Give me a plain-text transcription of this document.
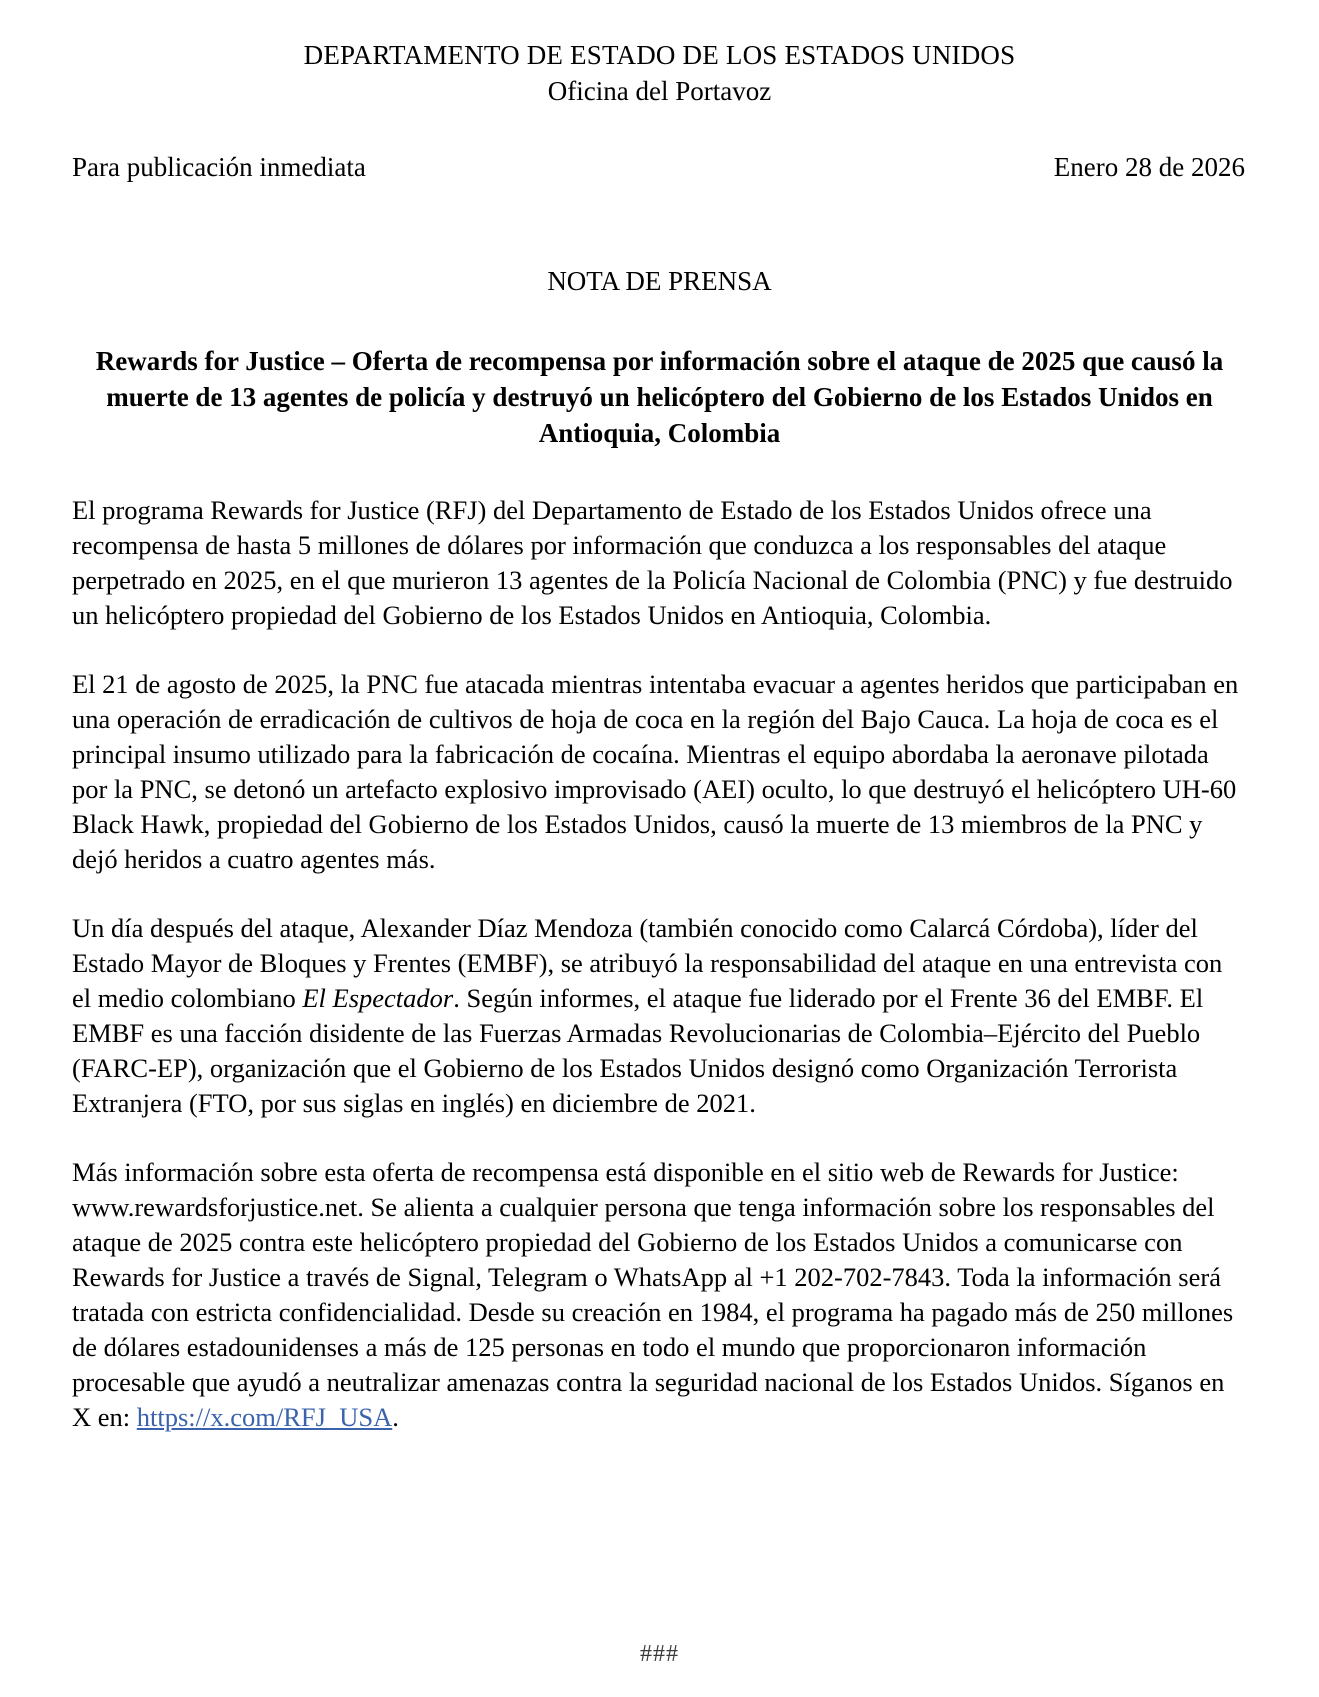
DEPARTAMENTO DE ESTADO DE LOS ESTADOS UNIDOS
Oficina del Portavoz
Para publicación inmediata	Enero 28 de 2026
NOTA DE PRENSA
Rewards for Justice – Oferta de recompensa por información sobre el ataque de 2025 que causó la muerte de 13 agentes de policía y destruyó un helicóptero del Gobierno de los Estados Unidos en Antioquia, Colombia

El programa Rewards for Justice (RFJ) del Departamento de Estado de los Estados Unidos ofrece una recompensa de hasta 5 millones de dólares por información que conduzca a los responsables del ataque perpetrado en 2025, en el que murieron 13 agentes de la Policía Nacional de Colombia (PNC) y fue destruido un helicóptero propiedad del Gobierno de los Estados Unidos en Antioquia, Colombia.

El 21 de agosto de 2025, la PNC fue atacada mientras intentaba evacuar a agentes heridos que participaban en una operación de erradicación de cultivos de hoja de coca en la región del Bajo Cauca. La hoja de coca es el principal insumo utilizado para la fabricación de cocaína. Mientras el equipo abordaba la aeronave pilotada por la PNC, se detonó un artefacto explosivo improvisado (AEI) oculto, lo que destruyó el helicóptero UH-60 Black Hawk, propiedad del Gobierno de los Estados Unidos, causó la muerte de 13 miembros de la PNC y dejó heridos a cuatro agentes más.

Un día después del ataque, Alexander Díaz Mendoza (también conocido como Calarcá Córdoba), líder del Estado Mayor de Bloques y Frentes (EMBF), se atribuyó la responsabilidad del ataque en una entrevista con el medio colombiano El Espectador. Según informes, el ataque fue liderado por el Frente 36 del EMBF. El EMBF es una facción disidente de las Fuerzas Armadas Revolucionarias de Colombia–Ejército del Pueblo (FARC-EP), organización que el Gobierno de los Estados Unidos designó como Organización Terrorista Extranjera (FTO, por sus siglas en inglés) en diciembre de 2021.

Más información sobre esta oferta de recompensa está disponible en el sitio web de Rewards for Justice: www.rewardsforjustice.net. Se alienta a cualquier persona que tenga información sobre los responsables del ataque de 2025 contra este helicóptero propiedad del Gobierno de los Estados Unidos a comunicarse con Rewards for Justice a través de Signal, Telegram o WhatsApp al +1 202-702-7843. Toda la información será tratada con estricta confidencialidad. Desde su creación en 1984, el programa ha pagado más de 250 millones de dólares estadounidenses a más de 125 personas en todo el mundo que proporcionaron información procesable que ayudó a neutralizar amenazas contra la seguridad nacional de los Estados Unidos. Síganos en X en: https://x.com/RFJ_USA.

###
